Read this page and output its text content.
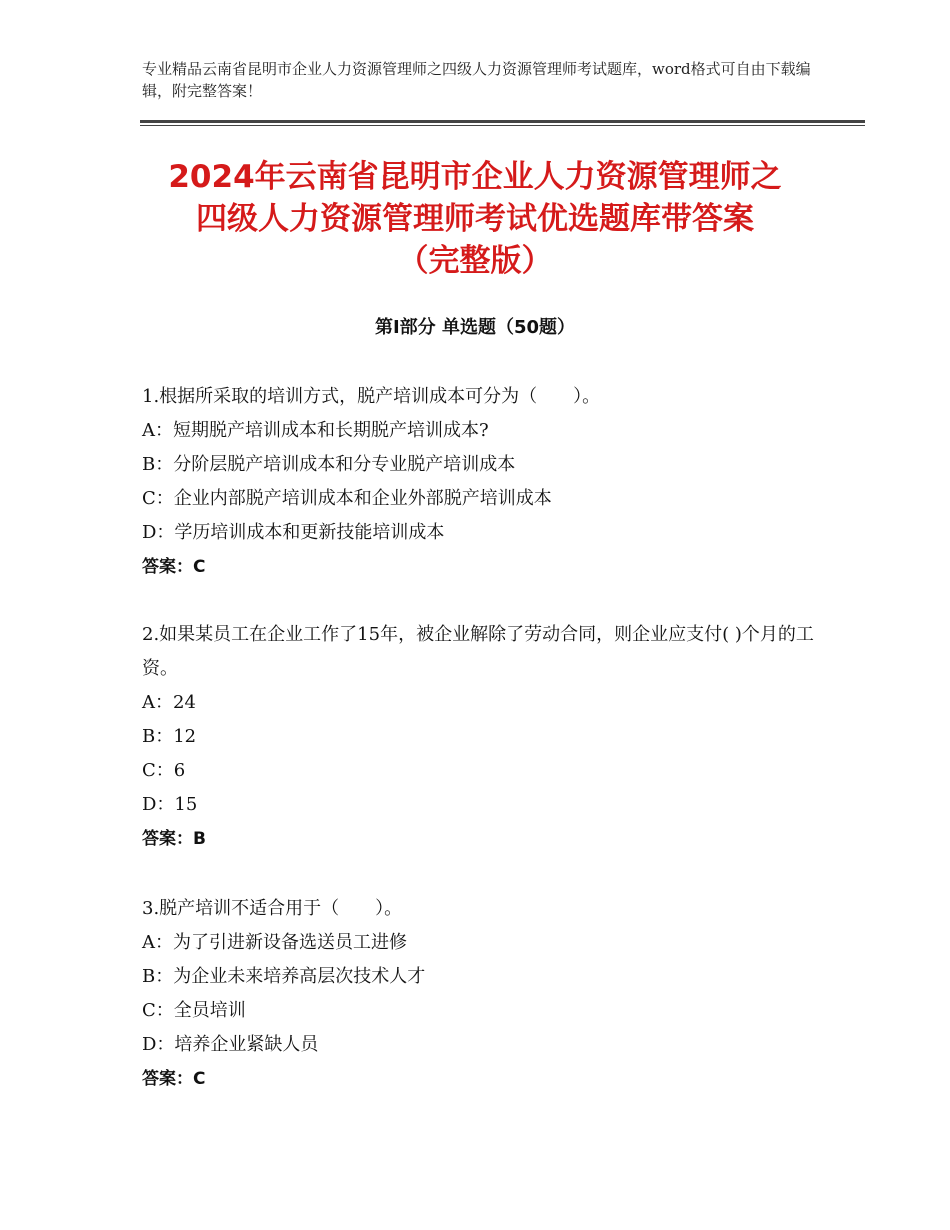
专业精品云南省昆明市企业人力资源管理师之四级人力资源管理师考试题库，word格式可自由下载编辑，附完整答案！
2024年云南省昆明市企业人力资源管理师之
四级人力资源管理师考试优选题库带答案
（完整版）
第Ⅰ部分 单选题（50题）
1.根据所采取的培训方式，脱产培训成本可分为（　　）。
A：短期脱产培训成本和长期脱产培训成本?
B：分阶层脱产培训成本和分专业脱产培训成本
C：企业内部脱产培训成本和企业外部脱产培训成本
D：学历培训成本和更新技能培训成本
答案：C
2.如果某员工在企业工作了15年，被企业解除了劳动合同，则企业应支付( )个月的工资。
A：24
B：12
C：6
D：15
答案：B
3.脱产培训不适合用于（　　）。
A：为了引进新设备选送员工进修
B：为企业未来培养高层次技术人才
C：全员培训
D：培养企业紧缺人员
答案：C
